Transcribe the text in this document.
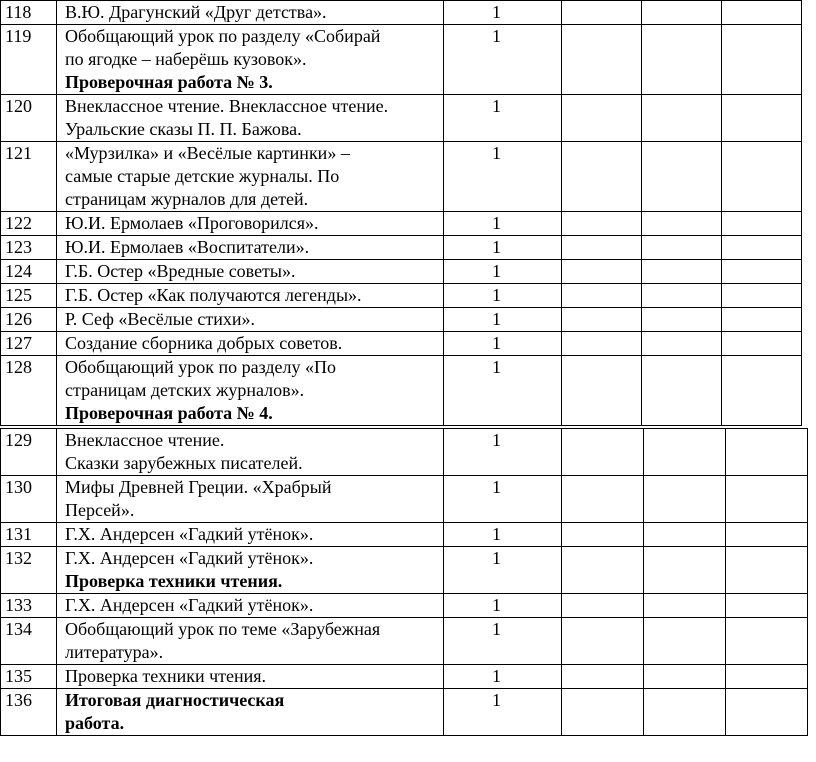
118	В.Ю. Драгунский «Друг детства».	1			
119	Обобщающий урок по разделу «Собирай
по ягодке – наберёшь кузовок».
Проверочная работа № 3.	1			
120	Внеклассное чтение. Внеклассное чтение.
Уральские сказы П. П. Бажова.	1			
121	«Мурзилка» и «Весёлые картинки» –
самые старые детские журналы. По
страницам журналов для детей.	1			
122	Ю.И. Ермолаев «Проговорился».	1			
123	Ю.И. Ермолаев «Воспитатели».	1			
124	Г.Б. Остер «Вредные советы».	1			
125	Г.Б. Остер «Как получаются легенды».	1			
126	Р. Сеф «Весёлые стихи».	1			
127	Создание сборника добрых советов.	1			
128	Обобщающий урок по разделу «По
страницам детских журналов».
Проверочная работа № 4.	1			
129	Внеклассное чтение.
Сказки зарубежных писателей.	1			
130	Мифы Древней Греции. «Храбрый
Персей».	1			
131	Г.Х. Андерсен «Гадкий утёнок».	1			
132	Г.Х. Андерсен «Гадкий утёнок».
Проверка техники чтения.	1			
133	Г.Х. Андерсен «Гадкий утёнок».	1			
134	Обобщающий урок по теме «Зарубежная
литература».	1			
135	Проверка техники чтения.	1			
136	Итоговая диагностическая
работа.	1			
